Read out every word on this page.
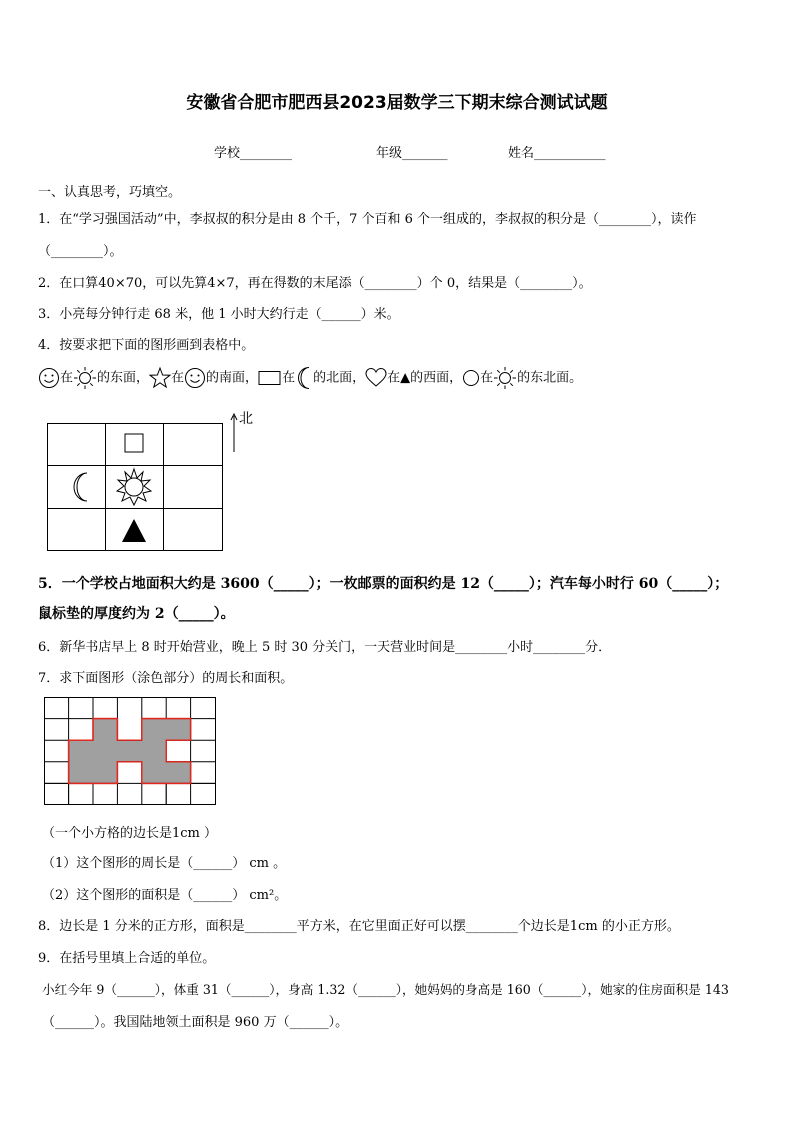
安徽省合肥市肥西县2023届数学三下期末综合测试试题
学校________	年级_______	姓名___________
一、认真思考，巧填空。
1．在“学习强国活动”中，李叔叔的积分是由 8 个千，7 个百和 6 个一组成的，李叔叔的积分是（________），读作
（________）。
2．在口算40×70，可以先算4×7，再在得数的末尾添（________）个 0，结果是（________）。
3．小亮每分钟行走 68 米，他 1 小时大约行走（______）米。
4．按要求把下面的图形画到表格中。
在 的东面， 在 的南面， 在 的北面， 在▲的西面， 在 的东北面。
北
5．一个学校占地面积大约是 3600（_____）；一枚邮票的面积约是 12（_____）；汽车每小时行 60（_____）；
鼠标垫的厚度约为 2（_____）。
6．新华书店早上 8 时开始营业，晚上 5 时 30 分关门，一天营业时间是________小时________分．
7．求下面图形（涂色部分）的周长和面积。
（一个小方格的边长是1cm ）
（1）这个图形的周长是（______） cm 。
（2）这个图形的面积是（______） cm²。
8．边长是 1 分米的正方形，面积是________平方米，在它里面正好可以摆________个边长是1cm 的小正方形。
9．在括号里填上合适的单位。
小红今年 9（______），体重 31（______），身高 1.32（______），她妈妈的身高是 160（______），她家的住房面积是 143
（______）。我国陆地领土面积是 960 万（______）。
